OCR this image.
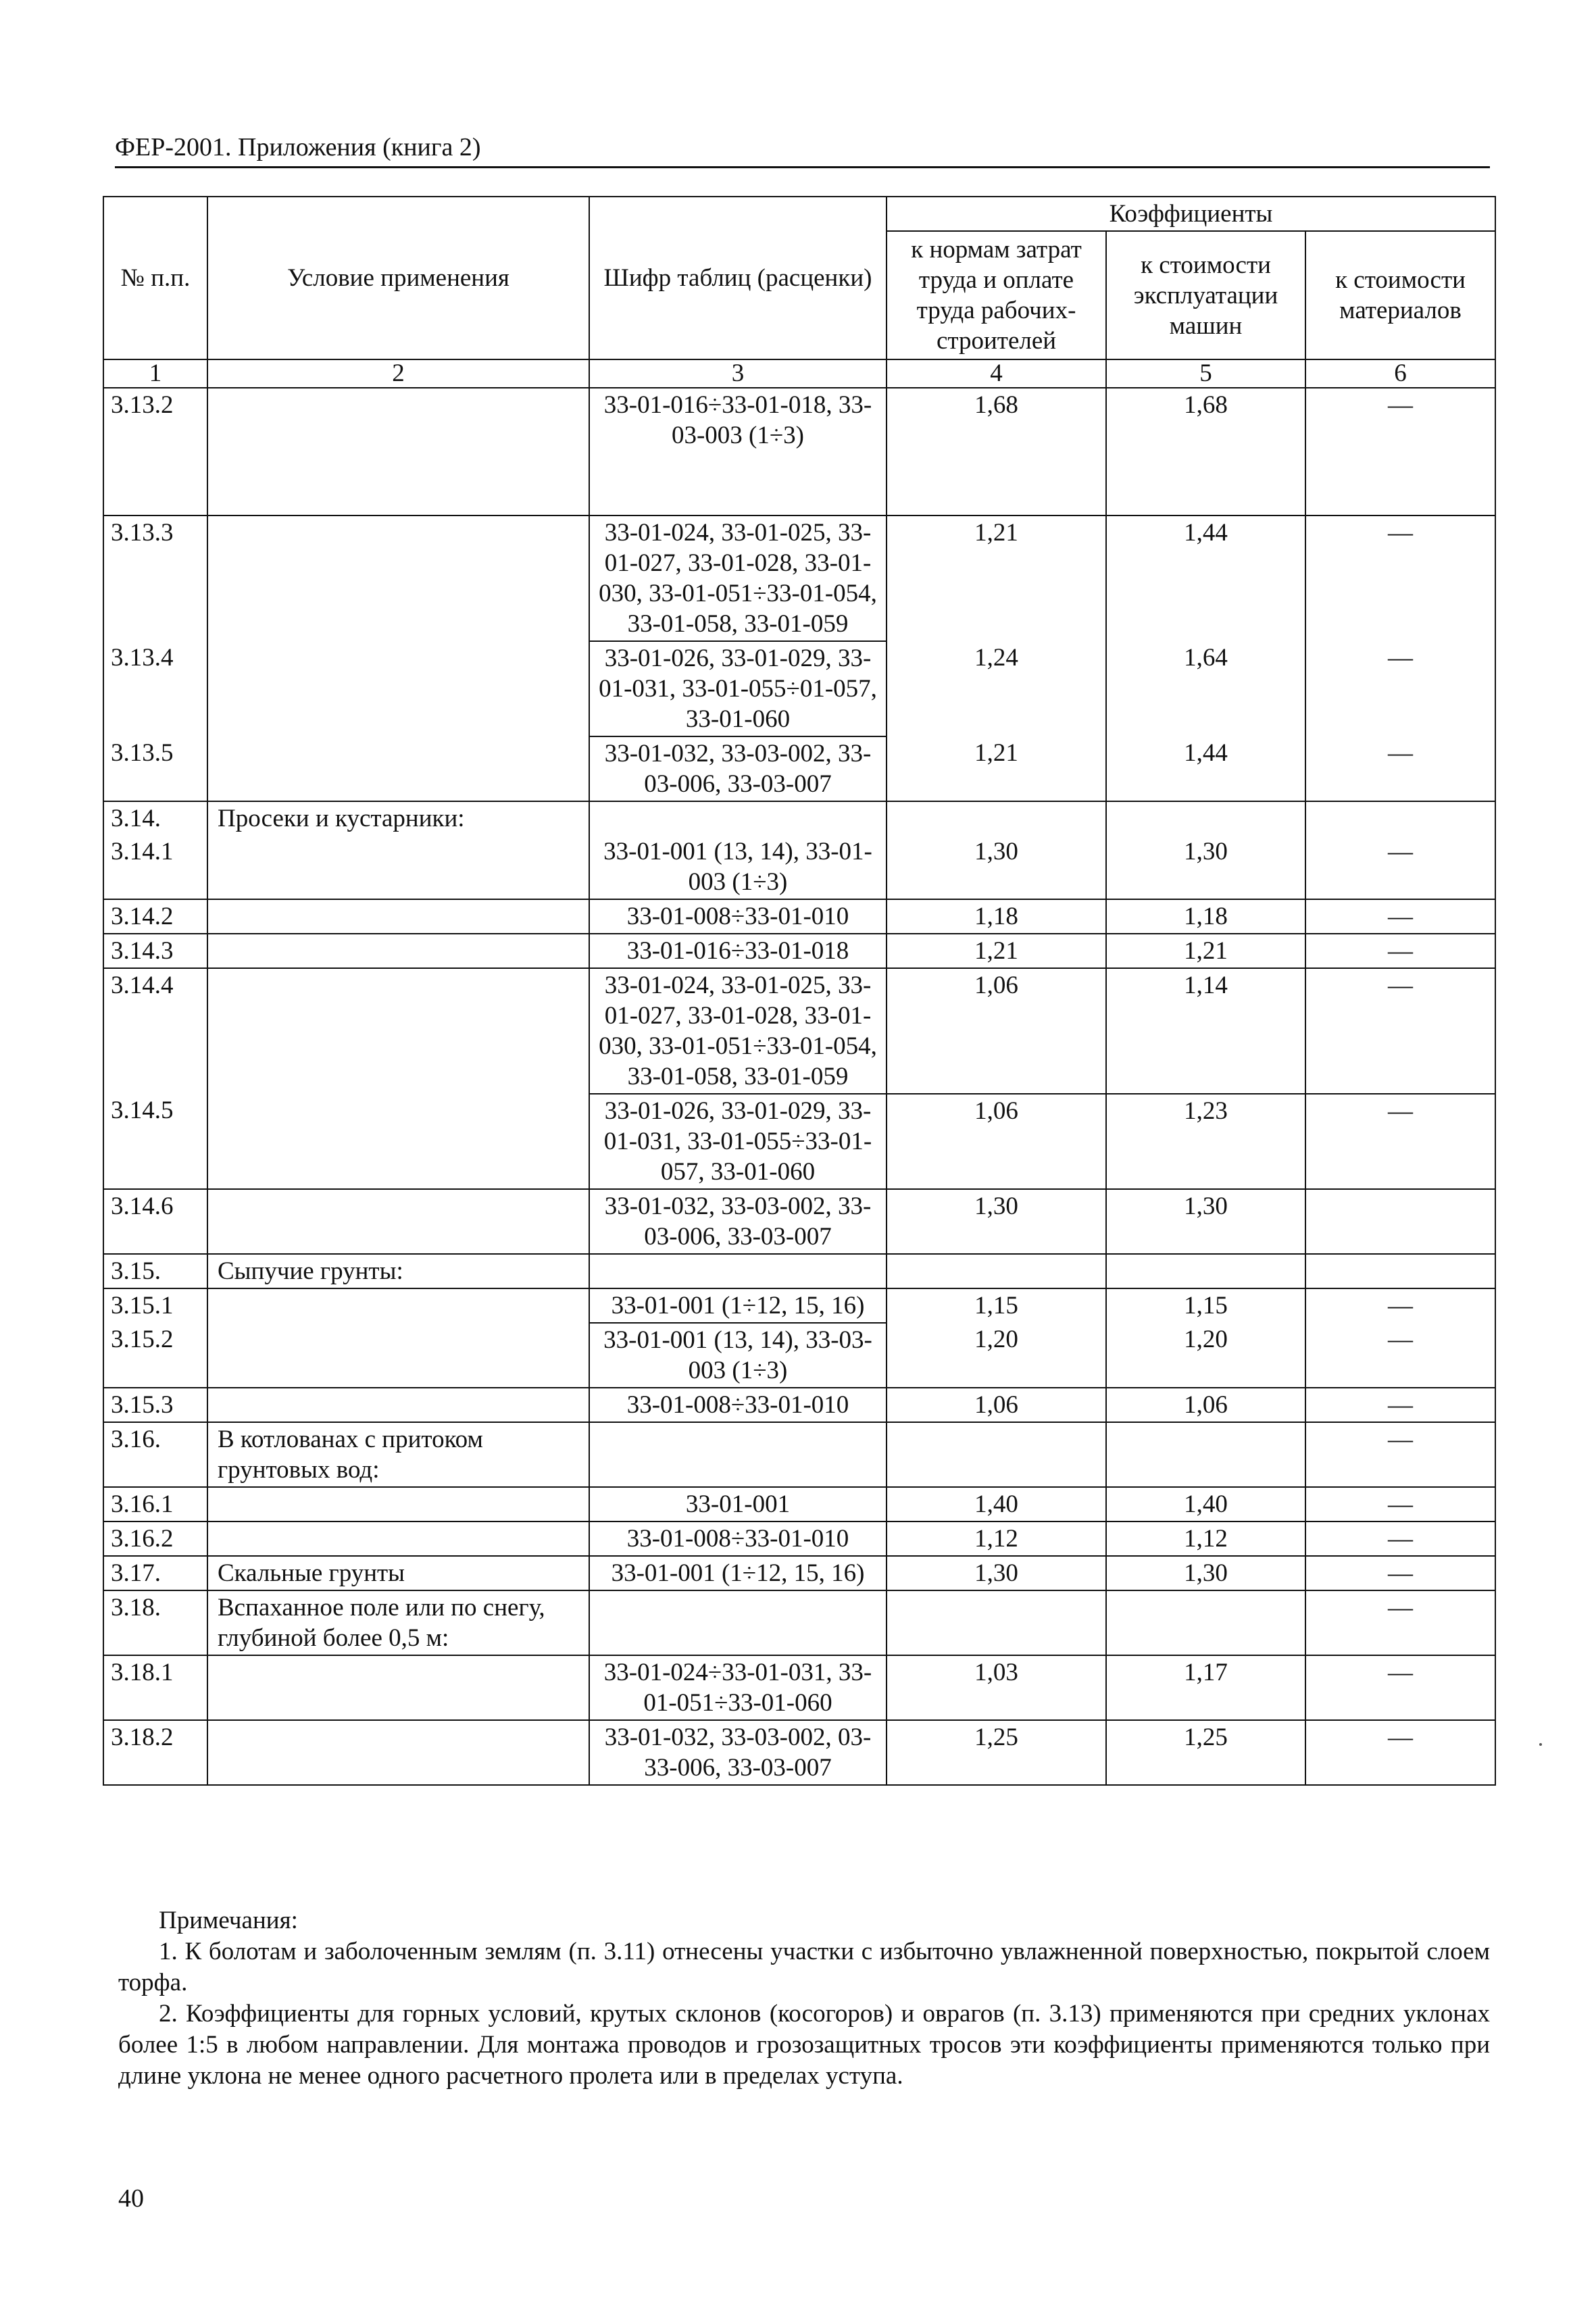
ФЕР-2001. Приложения (книга 2)
№ п.п.	Условие применения	Шифр таблиц (расценки)	Коэффициенты		
			к нормам затрат труда и оплате труда рабочих-строителей	к стоимости эксплуатации машин	к стоимости материалов
1	2	3	4	5	6
3.13.2		33-01-016÷33-01-018, 33-03-003 (1÷3)	1,68	1,68	—
3.13.3		33-01-024, 33-01-025, 33-01-027, 33-01-028, 33-01-030, 33-01-051÷33-01-054, 33-01-058, 33-01-059	1,21	1,44	—
3.13.4		33-01-026, 33-01-029, 33-01-031, 33-01-055÷01-057, 33-01-060	1,24	1,64	—
3.13.5		33-01-032, 33-03-002, 33-03-006, 33-03-007	1,21	1,44	—
3.14.	Просеки и кустарники:				
3.14.1		33-01-001 (13, 14), 33-01-003 (1÷3)	1,30	1,30	—
3.14.2		33-01-008÷33-01-010	1,18	1,18	—
3.14.3		33-01-016÷33-01-018	1,21	1,21	—
3.14.4		33-01-024, 33-01-025, 33-01-027, 33-01-028, 33-01-030, 33-01-051÷33-01-054, 33-01-058, 33-01-059	1,06	1,14	—
3.14.5		33-01-026, 33-01-029, 33-01-031, 33-01-055÷33-01-057, 33-01-060	1,06	1,23	—
3.14.6		33-01-032, 33-03-002, 33-03-006, 33-03-007	1,30	1,30	
3.15.	Сыпучие грунты:				
3.15.1		33-01-001 (1÷12, 15, 16)	1,15	1,15	—
3.15.2		33-01-001 (13, 14), 33-03-003 (1÷3)	1,20	1,20	—
3.15.3		33-01-008÷33-01-010	1,06	1,06	—
3.16.	В котлованах с притоком грунтовых вод:				—
3.16.1		33-01-001	1,40	1,40	—
3.16.2		33-01-008÷33-01-010	1,12	1,12	—
3.17.	Скальные грунты	33-01-001 (1÷12, 15, 16)	1,30	1,30	—
3.18.	Вспаханное поле или по снегу, глубиной более 0,5 м:				—
3.18.1		33-01-024÷33-01-031, 33-01-051÷33-01-060	1,03	1,17	—
3.18.2		33-01-032, 33-03-002, 03-33-006, 33-03-007	1,25	1,25	—

Примечания:

1. К болотам и заболоченным землям (п. 3.11) отнесены участки с избыточно увлажненной поверхностью, покрытой слоем торфа.

2. Коэффициенты для горных условий, крутых склонов (косогоров) и оврагов (п. 3.13) применяются при средних уклонах более 1:5 в любом направлении. Для монтажа проводов и грозозащитных тросов эти коэффициенты применяются только при длине уклона не менее одного расчетного пролета или в пределах уступа.

40
